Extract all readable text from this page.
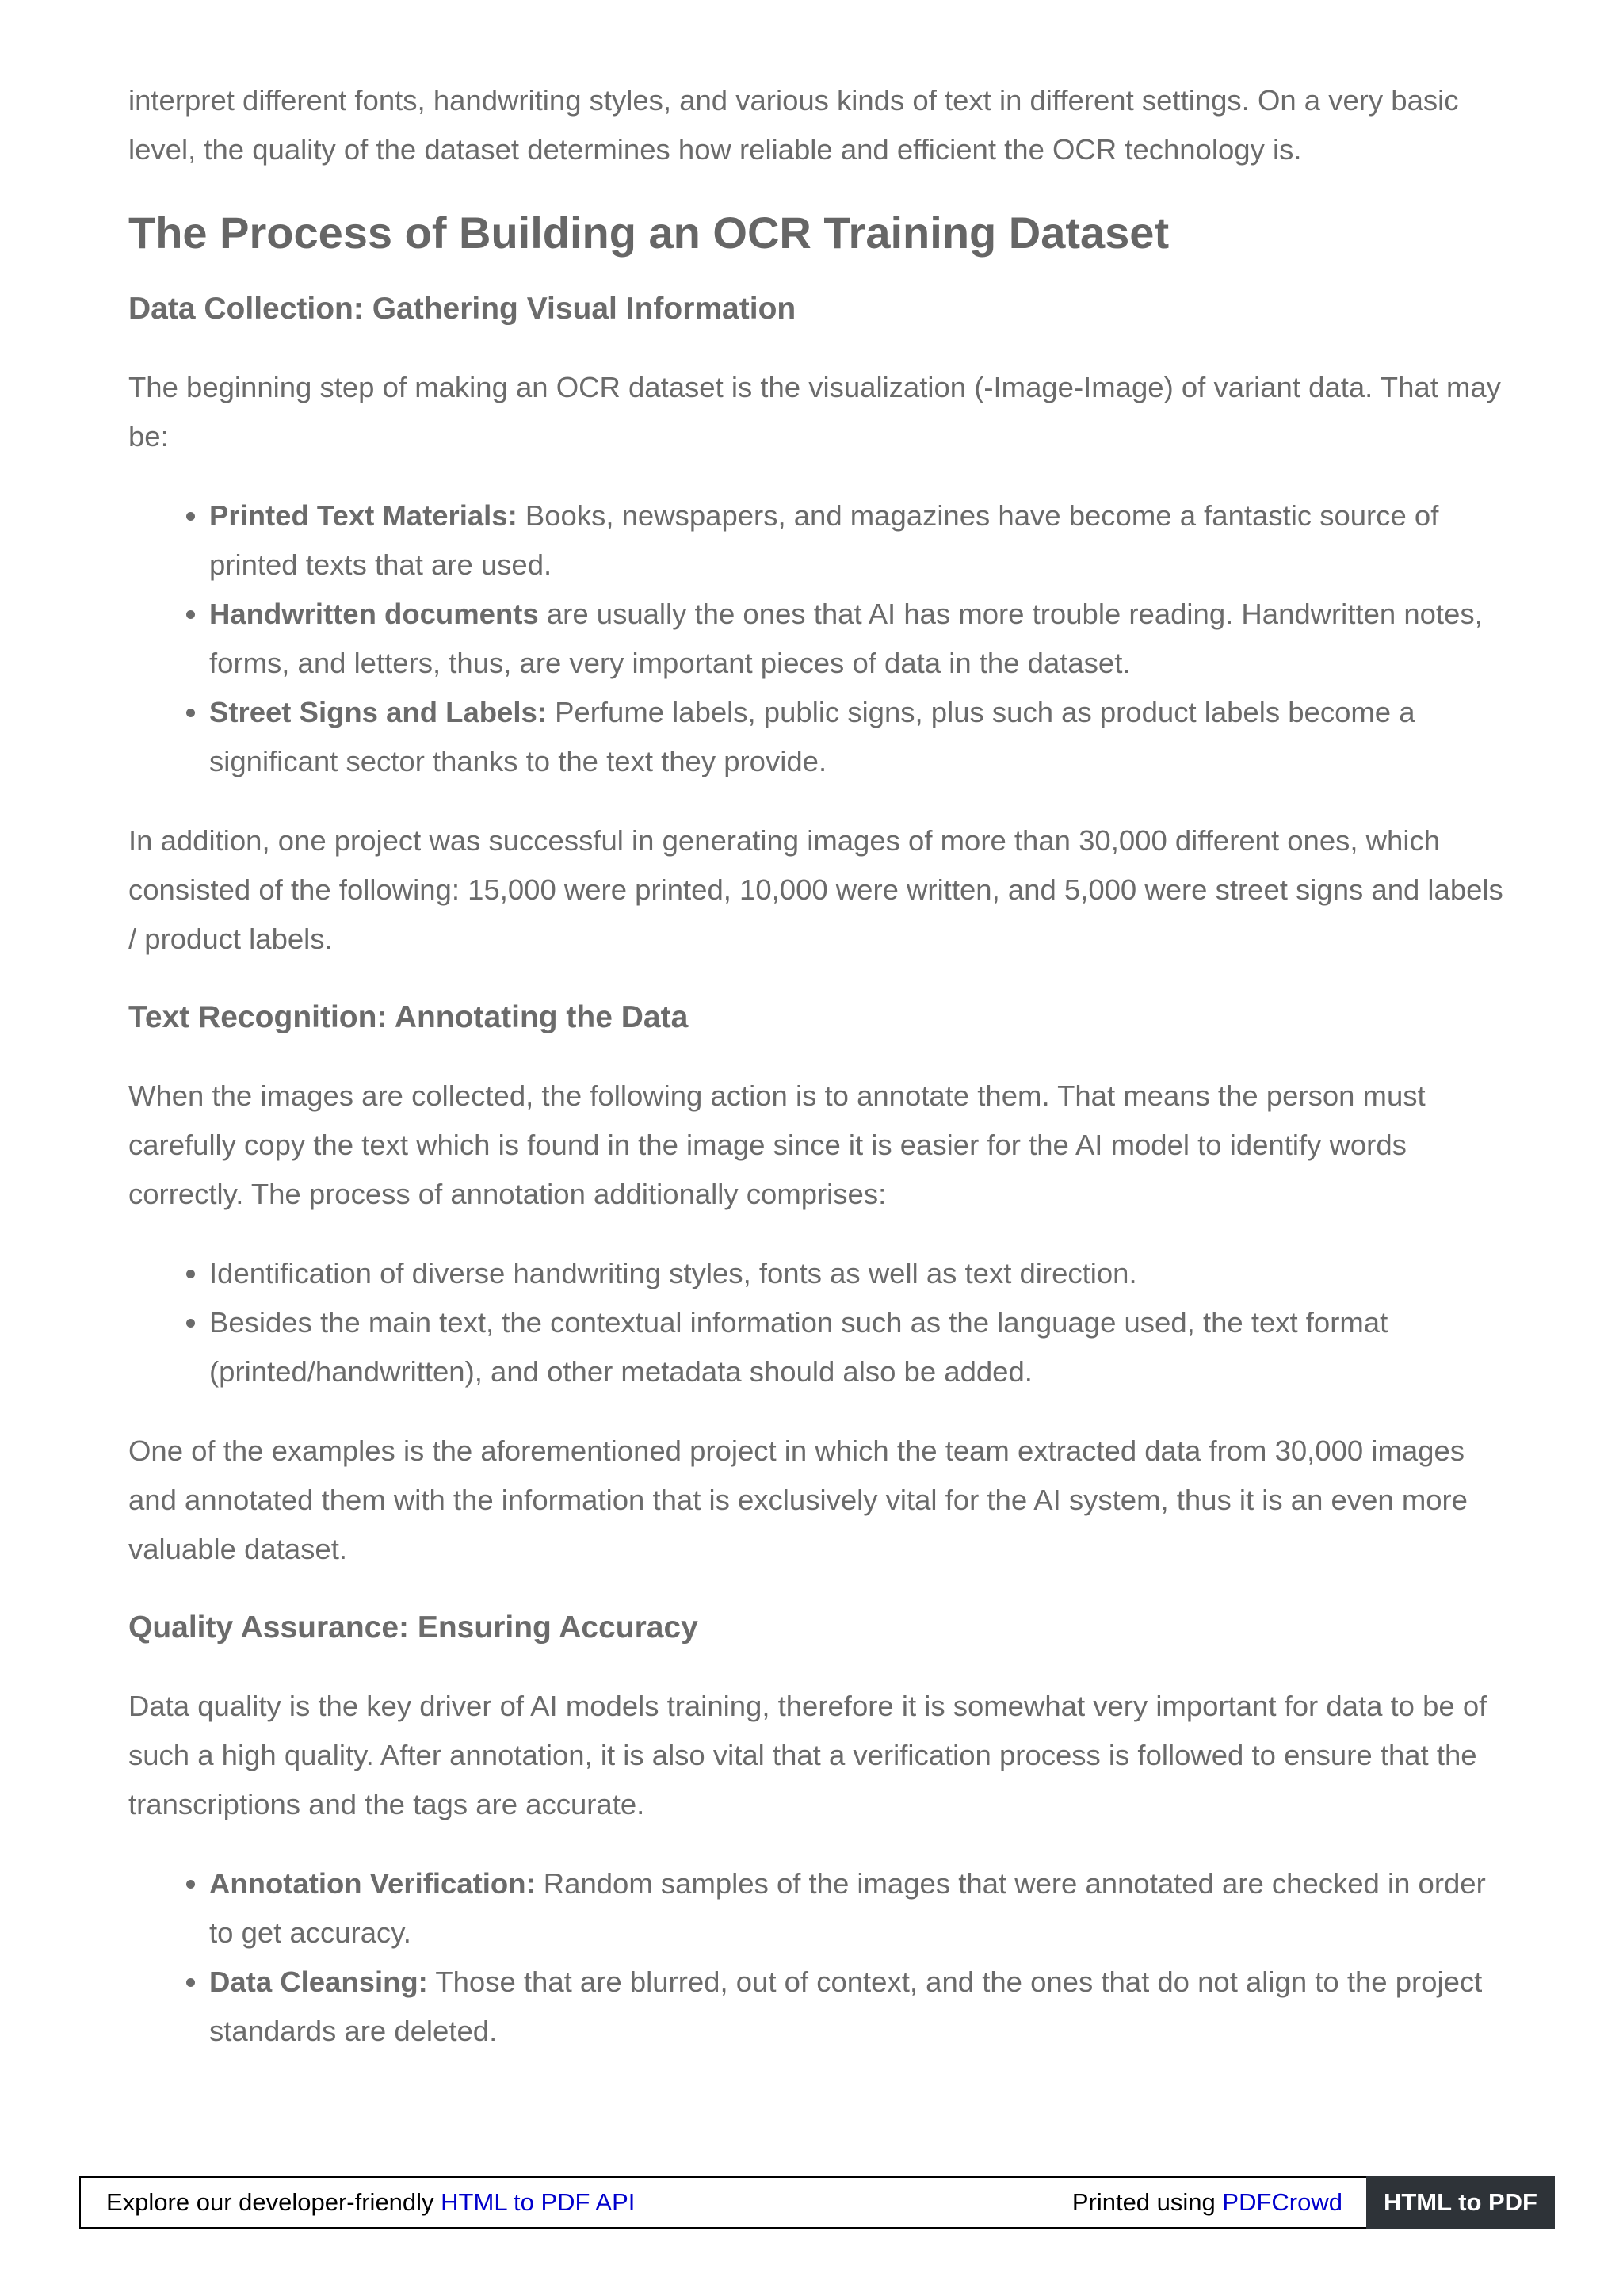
interpret different fonts, handwriting styles, and various kinds of text in different settings. On a very basic level, the quality of the dataset determines how reliable and efficient the OCR technology is.

The Process of Building an OCR Training Dataset
Data Collection: Gathering Visual Information

The beginning step of making an OCR dataset is the visualization (-Image-Image) of variant data. That may be:

• Printed Text Materials: Books, newspapers, and magazines have become a fantastic source of printed texts that are used.
• Handwritten documents are usually the ones that AI has more trouble reading. Handwritten notes, forms, and letters, thus, are very important pieces of data in the dataset.
• Street Signs and Labels: Perfume labels, public signs, plus such as product labels become a significant sector thanks to the text they provide.

In addition, one project was successful in generating images of more than 30,000 different ones, which consisted of the following: 15,000 were printed, 10,000 were written, and 5,000 were street signs and labels / product labels.

Text Recognition: Annotating the Data

When the images are collected, the following action is to annotate them. That means the person must carefully copy the text which is found in the image since it is easier for the AI model to identify words correctly. The process of annotation additionally comprises:

• Identification of diverse handwriting styles, fonts as well as text direction.
• Besides the main text, the contextual information such as the language used, the text format (printed/handwritten), and other metadata should also be added.

One of the examples is the aforementioned project in which the team extracted data from 30,000 images and annotated them with the information that is exclusively vital for the AI system, thus it is an even more valuable dataset.

Quality Assurance: Ensuring Accuracy

Data quality is the key driver of AI models training, therefore it is somewhat very important for data to be of such a high quality. After annotation, it is also vital that a verification process is followed to ensure that the transcriptions and the tags are accurate.

• Annotation Verification: Random samples of the images that were annotated are checked in order to get accuracy.
• Data Cleansing: Those that are blurred, out of context, and the ones that do not align to the project standards are deleted.
Explore our developer-friendly HTML to PDF API	Printed using PDFCrowd	HTML to PDF
